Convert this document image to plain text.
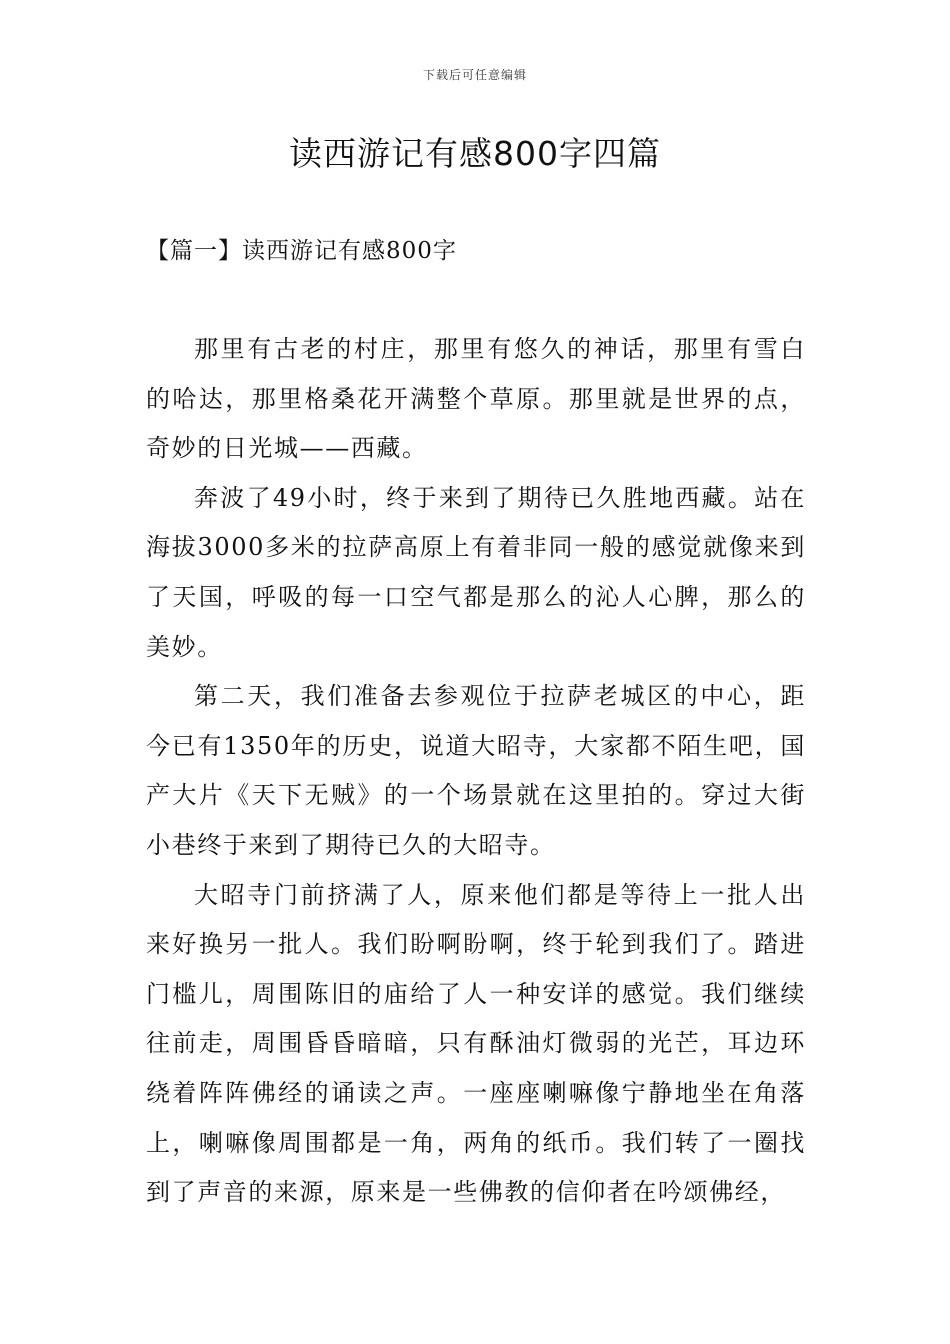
下载后可任意编辑
读西游记有感800字四篇
【篇一】读西游记有感800字

那里有古老的村庄，那里有悠久的神话，那里有雪白的哈达，那里格桑花开满整个草原。那里就是世界的点，奇妙的日光城——西藏。

奔波了49小时，终于来到了期待已久胜地西藏。站在海拔3000多米的拉萨高原上有着非同一般的感觉就像来到了天国，呼吸的每一口空气都是那么的沁人心脾，那么的美妙。

第二天，我们准备去参观位于拉萨老城区的中心，距今已有1350年的历史，说道大昭寺，大家都不陌生吧，国产大片《天下无贼》的一个场景就在这里拍的。穿过大街小巷终于来到了期待已久的大昭寺。

大昭寺门前挤满了人，原来他们都是等待上一批人出来好换另一批人。我们盼啊盼啊，终于轮到我们了。踏进门槛儿，周围陈旧的庙给了人一种安详的感觉。我们继续往前走，周围昏昏暗暗，只有酥油灯微弱的光芒，耳边环绕着阵阵佛经的诵读之声。一座座喇嘛像宁静地坐在角落上，喇嘛像周围都是一角，两角的纸币。我们转了一圈找到了声音的来源，原来是一些佛教的信仰者在吟颂佛经，
